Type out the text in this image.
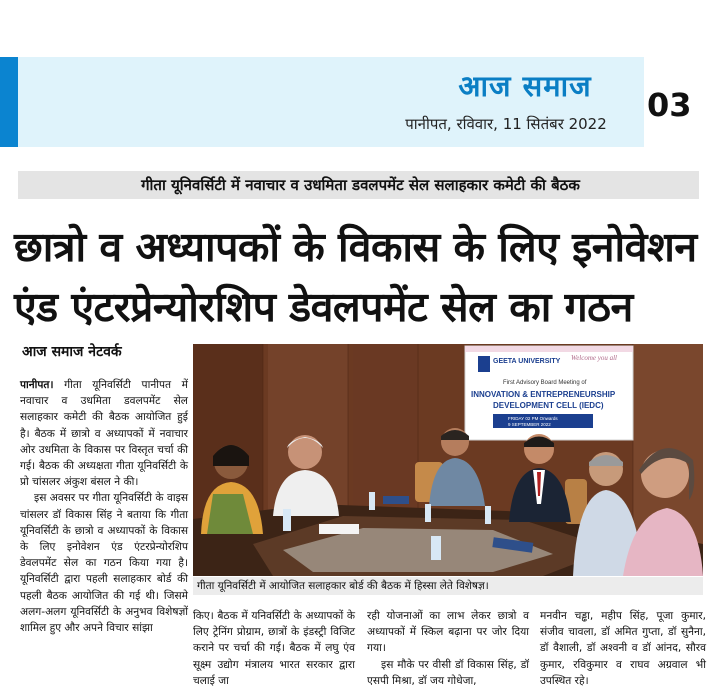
आज समाज
पानीपत, रविवार, 11 सितंबर 2022	03
गीता यूनिवर्सिटी में नवाचार व उधमिता डवलपमेंट सेल सलाहकार कमेटी की बैठक
छात्रो व अध्यापकों के विकास के लिए इनोवेशन
एंड एंटरप्रेन्योरशिप डेवलपमेंट सेल का गठन
आज समाज नेटवर्क

पानीपत। गीता यूनिवर्सिटी पानीपत में नवाचार व उधमिता डवलपमेंट सेल सलाहकार कमेटी की बैठक आयोजित हुई है। बैठक में छात्रो व अध्यापकों में नवाचार ओर उधमिता के विकास पर विस्तृत चर्चा की गई। बैठक की अध्यक्षता गीता यूनिवर्सिटी के प्रो चांसलर अंकुश बंसल ने की।

इस अवसर पर गीता यूनिवर्सिटी के वाइस चांसलर डॉ विकास सिंह ने बताया कि गीता यूनिवर्सिटी के छात्रो व अध्यापकों के विकास के लिए इनोवेशन एंड एंटरप्रेन्योरशिप डेवलपमेंट सेल का गठन किया गया है। यूनिवर्सिटी द्वारा पहली सलाहकार बोर्ड की पहली बैठक आयोजित की गई थी। जिसमे अलग-अलग यूनिवर्सिटी के अनुभव विशेषज्ञों शामिल हुए और अपने विचार सांझा

GEETA UNIVERSITY Welcome you all
First Advisory Board Meeting of
INNOVATION & ENTREPRENEURSHIP
DEVELOPMENT CELL (IEDC)
FRIDAY 02 PM Onwards
9 SEPTEMBER 2022
गीता यूनिवर्सिटी में आयोजित सलाहकार बोर्ड की बैठक में हिस्सा लेते विशेषज्ञ।

किए। बैठक में यनिवर्सिटी के अध्यापकों के लिए ट्रेनिंग प्रोग्राम, छात्रों के इंडस्ट्री विजिट कराने पर चर्चा की गई। बैठक में लघु एंव सूक्ष्म उद्योग मंत्रालय भारत सरकार द्वारा चलाई जा

रही योजनाओं का लाभ लेकर छात्रो व अध्यापकों में स्किल बढ़ाना पर जोर दिया गया।

इस मौके पर वीसी डॉ विकास सिंह, डॉ एसपी मिश्रा, डॉ जय गोधेजा,

मनवीन चड्ढा, महीप सिंह, पूजा कुमार, संजीव चावला, डॉ अमित गुप्ता, डॉ सुनैना, डॉ वैशाली, डॉ अश्वनी व डॉ आंनद, सौरव कुमार, रविकुमार व राघव अग्रवाल भी उपस्थित रहे।
